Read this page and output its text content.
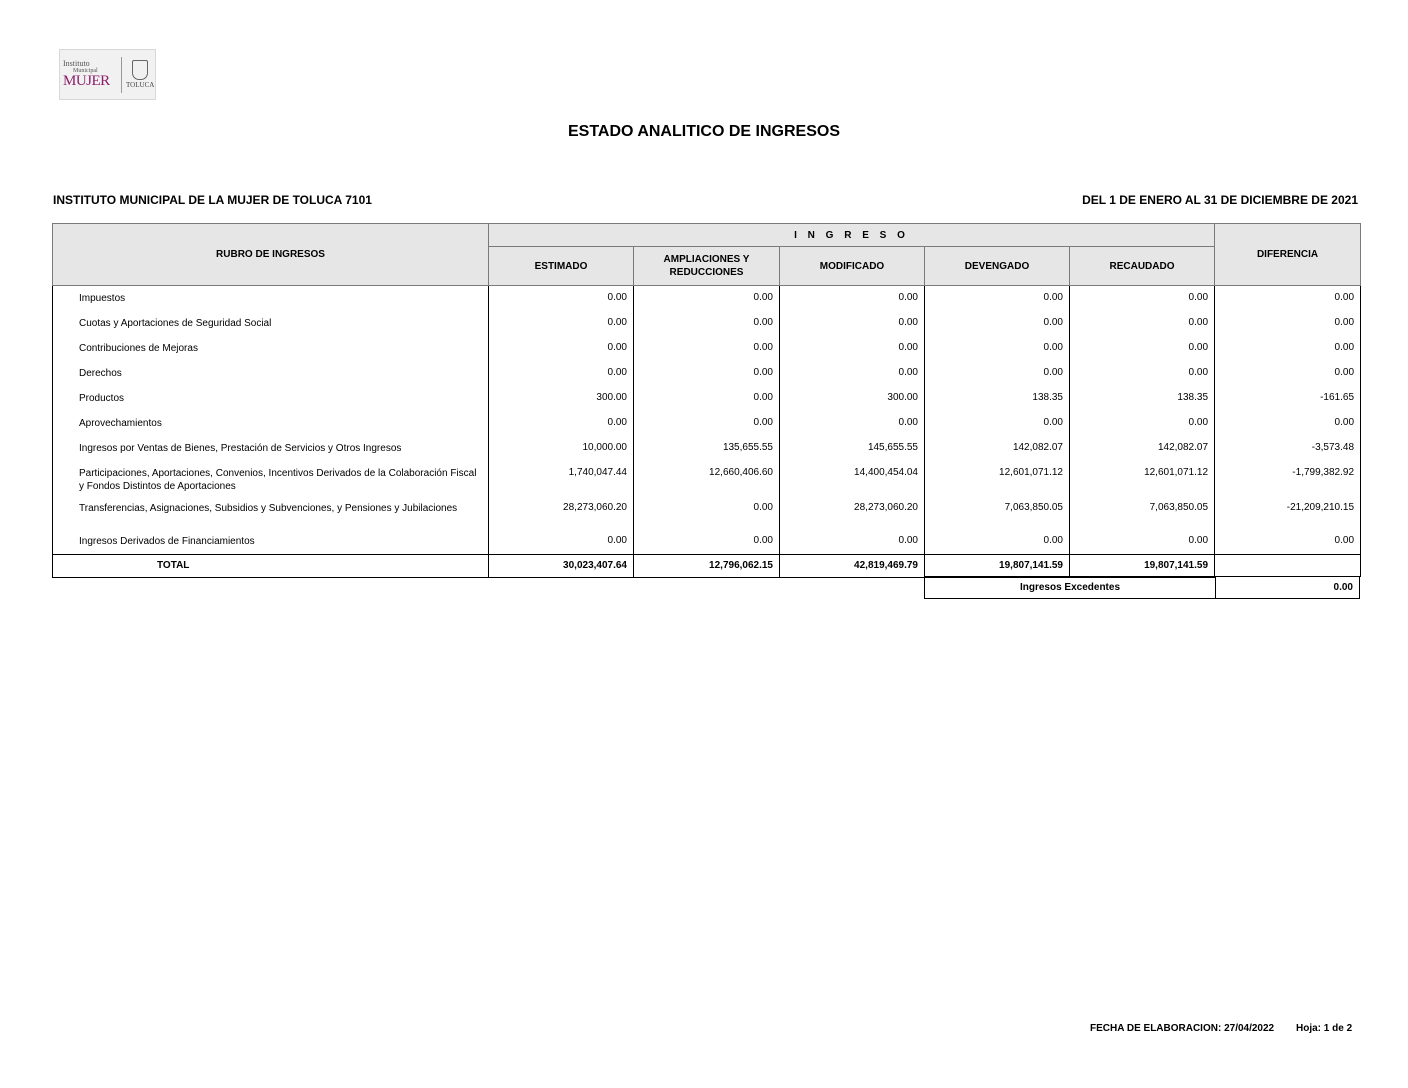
Instituto
Municipal
MUJER	TOLUCA
ESTADO ANALITICO DE INGRESOS
INSTITUTO MUNICIPAL DE LA MUJER DE TOLUCA 7101	DEL 1 DE ENERO AL 31 DE DICIEMBRE DE 2021
RUBRO DE INGRESOS	I N G R E S O					DIFERENCIA
	ESTIMADO	AMPLIACIONES Y REDUCCIONES	MODIFICADO	DEVENGADO	RECAUDADO	
Impuestos	0.00	0.00	0.00	0.00	0.00	0.00
Cuotas y Aportaciones de Seguridad Social	0.00	0.00	0.00	0.00	0.00	0.00
Contribuciones de Mejoras	0.00	0.00	0.00	0.00	0.00	0.00
Derechos	0.00	0.00	0.00	0.00	0.00	0.00
Productos	300.00	0.00	300.00	138.35	138.35	-161.65
Aprovechamientos	0.00	0.00	0.00	0.00	0.00	0.00
Ingresos por Ventas de Bienes, Prestación de Servicios y Otros Ingresos	10,000.00	135,655.55	145,655.55	142,082.07	142,082.07	-3,573.48
Participaciones, Aportaciones, Convenios, Incentivos Derivados de la Colaboración Fiscal y Fondos Distintos de Aportaciones	1,740,047.44	12,660,406.60	14,400,454.04	12,601,071.12	12,601,071.12	-1,799,382.92
Transferencias, Asignaciones, Subsidios y Subvenciones, y Pensiones y Jubilaciones	28,273,060.20	0.00	28,273,060.20	7,063,850.05	7,063,850.05	-21,209,210.15
Ingresos Derivados de Financiamientos	0.00	0.00	0.00	0.00	0.00	0.00
TOTAL	30,023,407.64	12,796,062.15	42,819,469.79	19,807,141.59	19,807,141.59	
Ingresos Excedentes	0.00
FECHA DE ELABORACION: 27/04/2022 Hoja: 1 de 2
